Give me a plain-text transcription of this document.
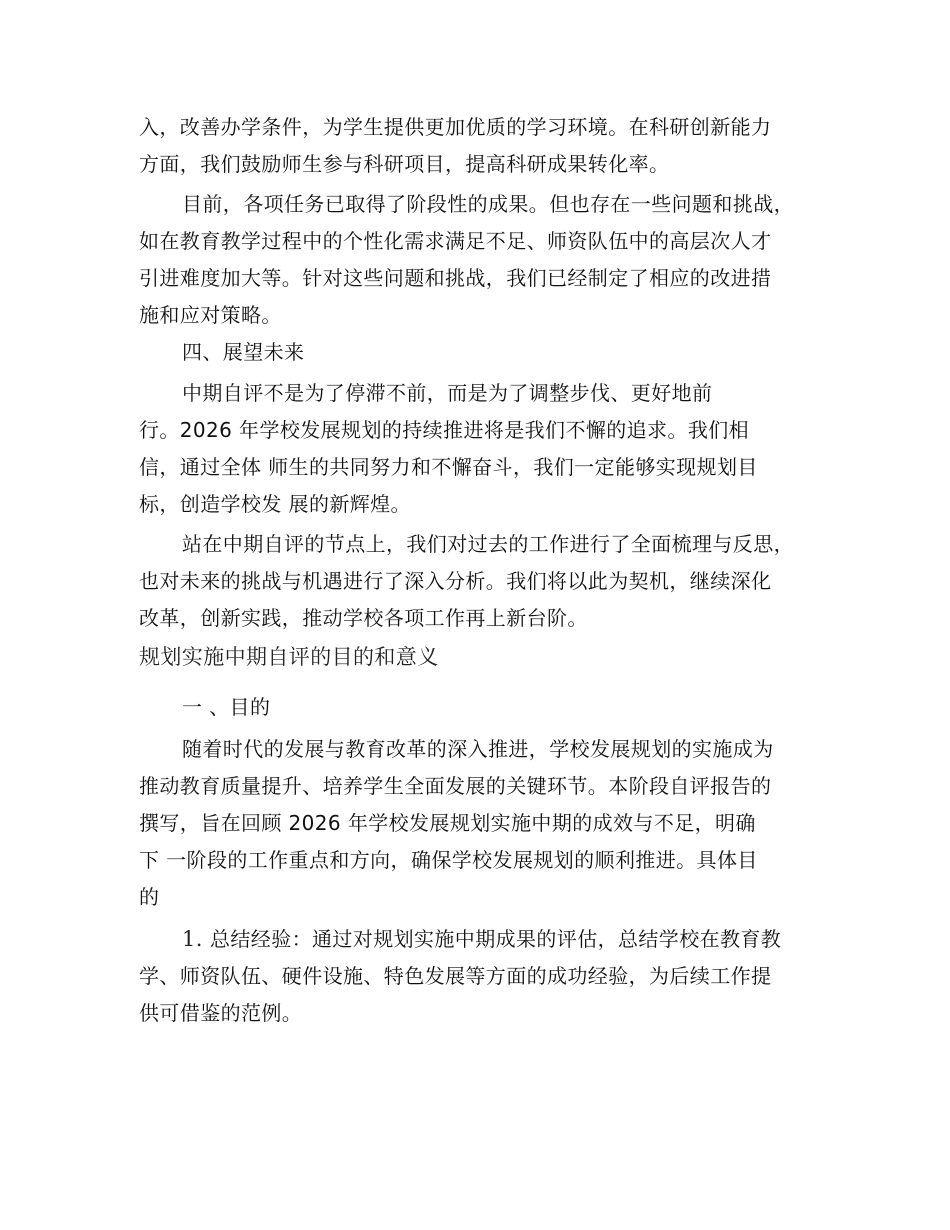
入，改善办学条件，为学生提供更加优质的学习环境。在科研创新能力
方面，我们鼓励师生参与科研项目，提高科研成果转化率。
目前，各项任务已取得了阶段性的成果。但也存在一些问题和挑战，
如在教育教学过程中的个性化需求满足不足、师资队伍中的高层次人才
引进难度加大等。针对这些问题和挑战，我们已经制定了相应的改进措
施和应对策略。
四、展望未来
中期自评不是为了停滞不前，而是为了调整步伐、更好地前
行。2026 年学校发展规划的持续推进将是我们不懈的追求。我们相
信，通过全体 师生的共同努力和不懈奋斗，我们一定能够实现规划目
标，创造学校发 展的新辉煌。
站在中期自评的节点上，我们对过去的工作进行了全面梳理与反思，
也对未来的挑战与机遇进行了深入分析。我们将以此为契机，继续深化
改革，创新实践，推动学校各项工作再上新台阶。
规划实施中期自评的目的和意义
一 、目的
随着时代的发展与教育改革的深入推进，学校发展规划的实施成为
推动教育质量提升、培养学生全面发展的关键环节。本阶段自评报告的
撰写，旨在回顾 2026 年学校发展规划实施中期的成效与不足，明确
下 一阶段的工作重点和方向，确保学校发展规划的顺利推进。具体目
的
1. 总结经验：通过对规划实施中期成果的评估，总结学校在教育教
学、师资队伍、硬件设施、特色发展等方面的成功经验，为后续工作提
供可借鉴的范例。
